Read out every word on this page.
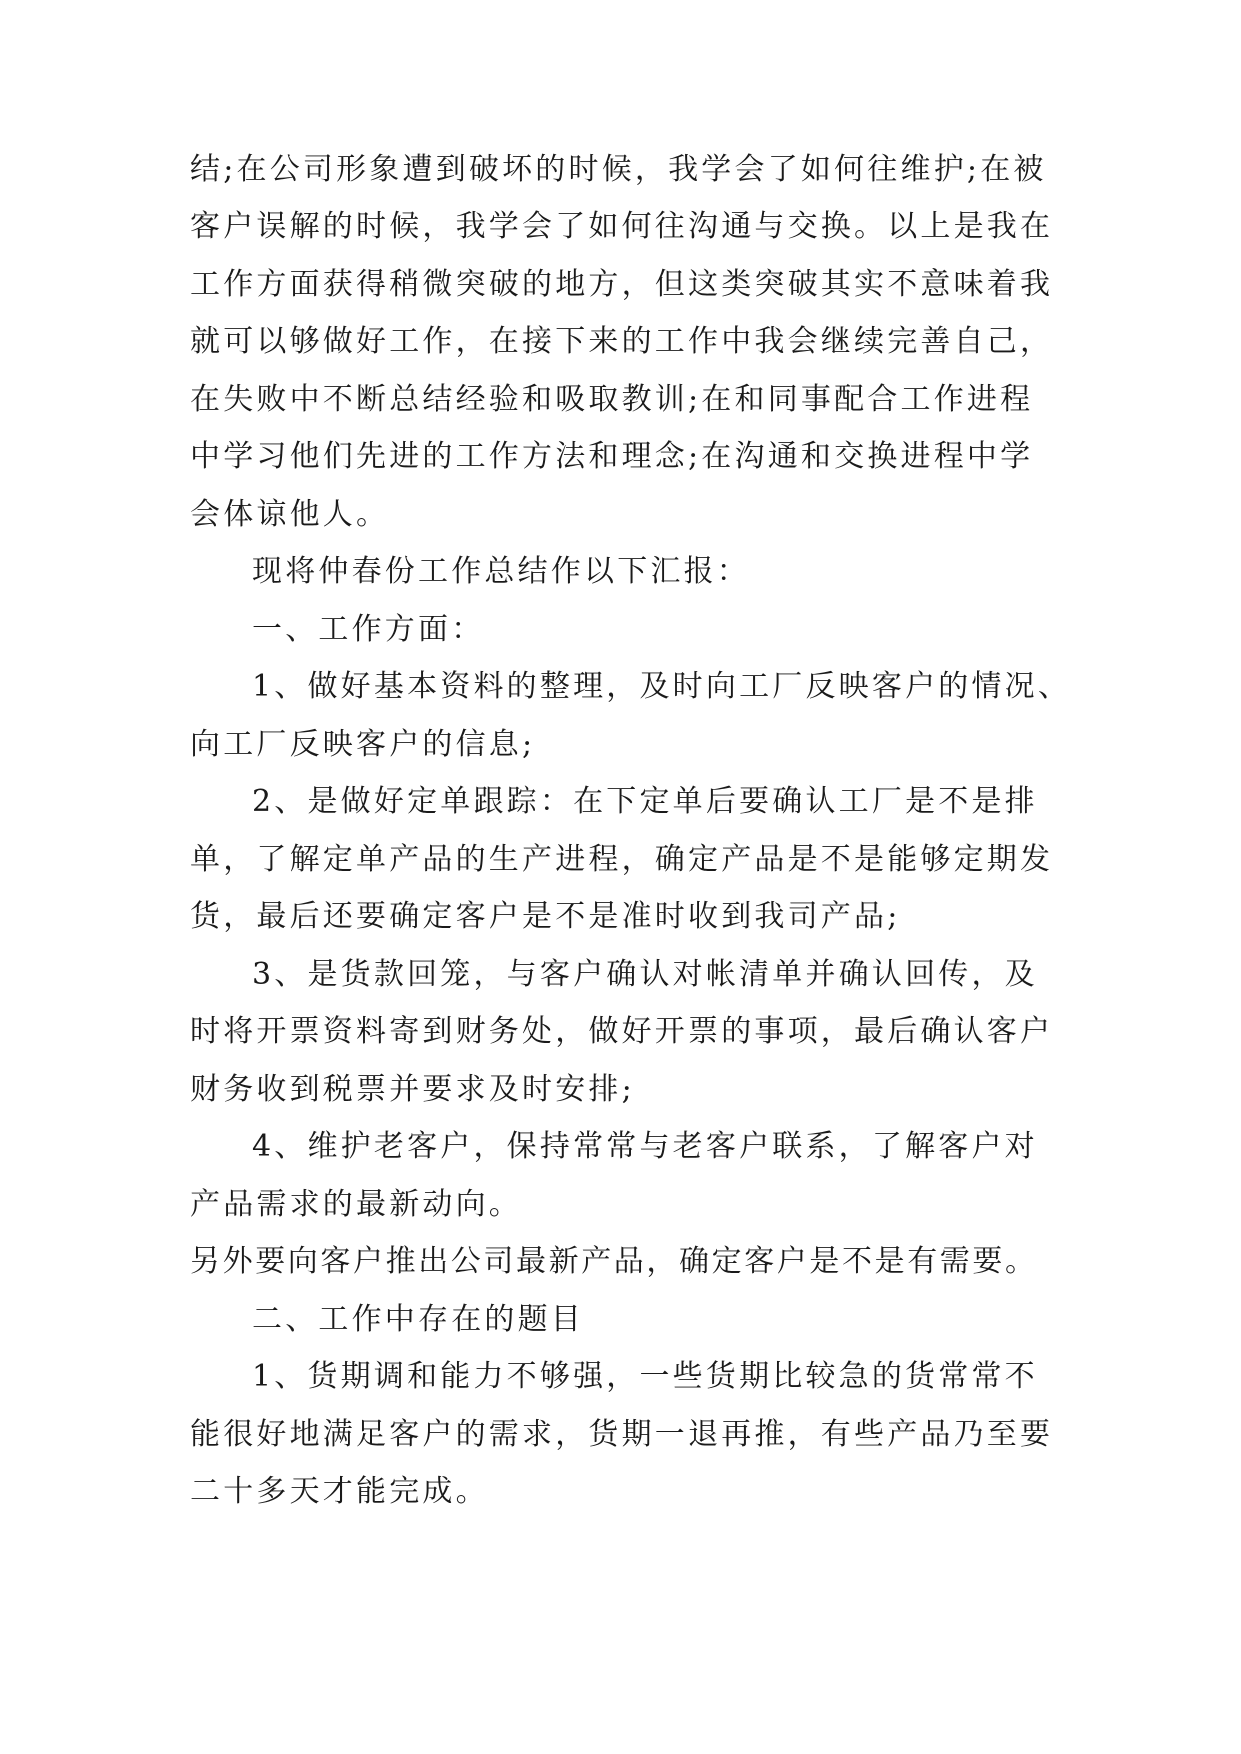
结;在公司形象遭到破坏的时候，我学会了如何往维护;在被
客户误解的时候，我学会了如何往沟通与交换。以上是我在
工作方面获得稍微突破的地方，但这类突破其实不意味着我
就可以够做好工作，在接下来的工作中我会继续完善自己，
在失败中不断总结经验和吸取教训;在和同事配合工作进程
中学习他们先进的工作方法和理念;在沟通和交换进程中学
会体谅他人。
现将仲春份工作总结作以下汇报：
一、工作方面：
1、做好基本资料的整理，及时向工厂反映客户的情况、
向工厂反映客户的信息;
2、是做好定单跟踪：在下定单后要确认工厂是不是排
单，了解定单产品的生产进程，确定产品是不是能够定期发
货，最后还要确定客户是不是准时收到我司产品;
3、是货款回笼，与客户确认对帐清单并确认回传，及
时将开票资料寄到财务处，做好开票的事项，最后确认客户
财务收到税票并要求及时安排;
4、维护老客户，保持常常与老客户联系，了解客户对
产品需求的最新动向。
另外要向客户推出公司最新产品，确定客户是不是有需要。
二、工作中存在的题目
1、货期调和能力不够强，一些货期比较急的货常常不
能很好地满足客户的需求，货期一退再推，有些产品乃至要
二十多天才能完成。
